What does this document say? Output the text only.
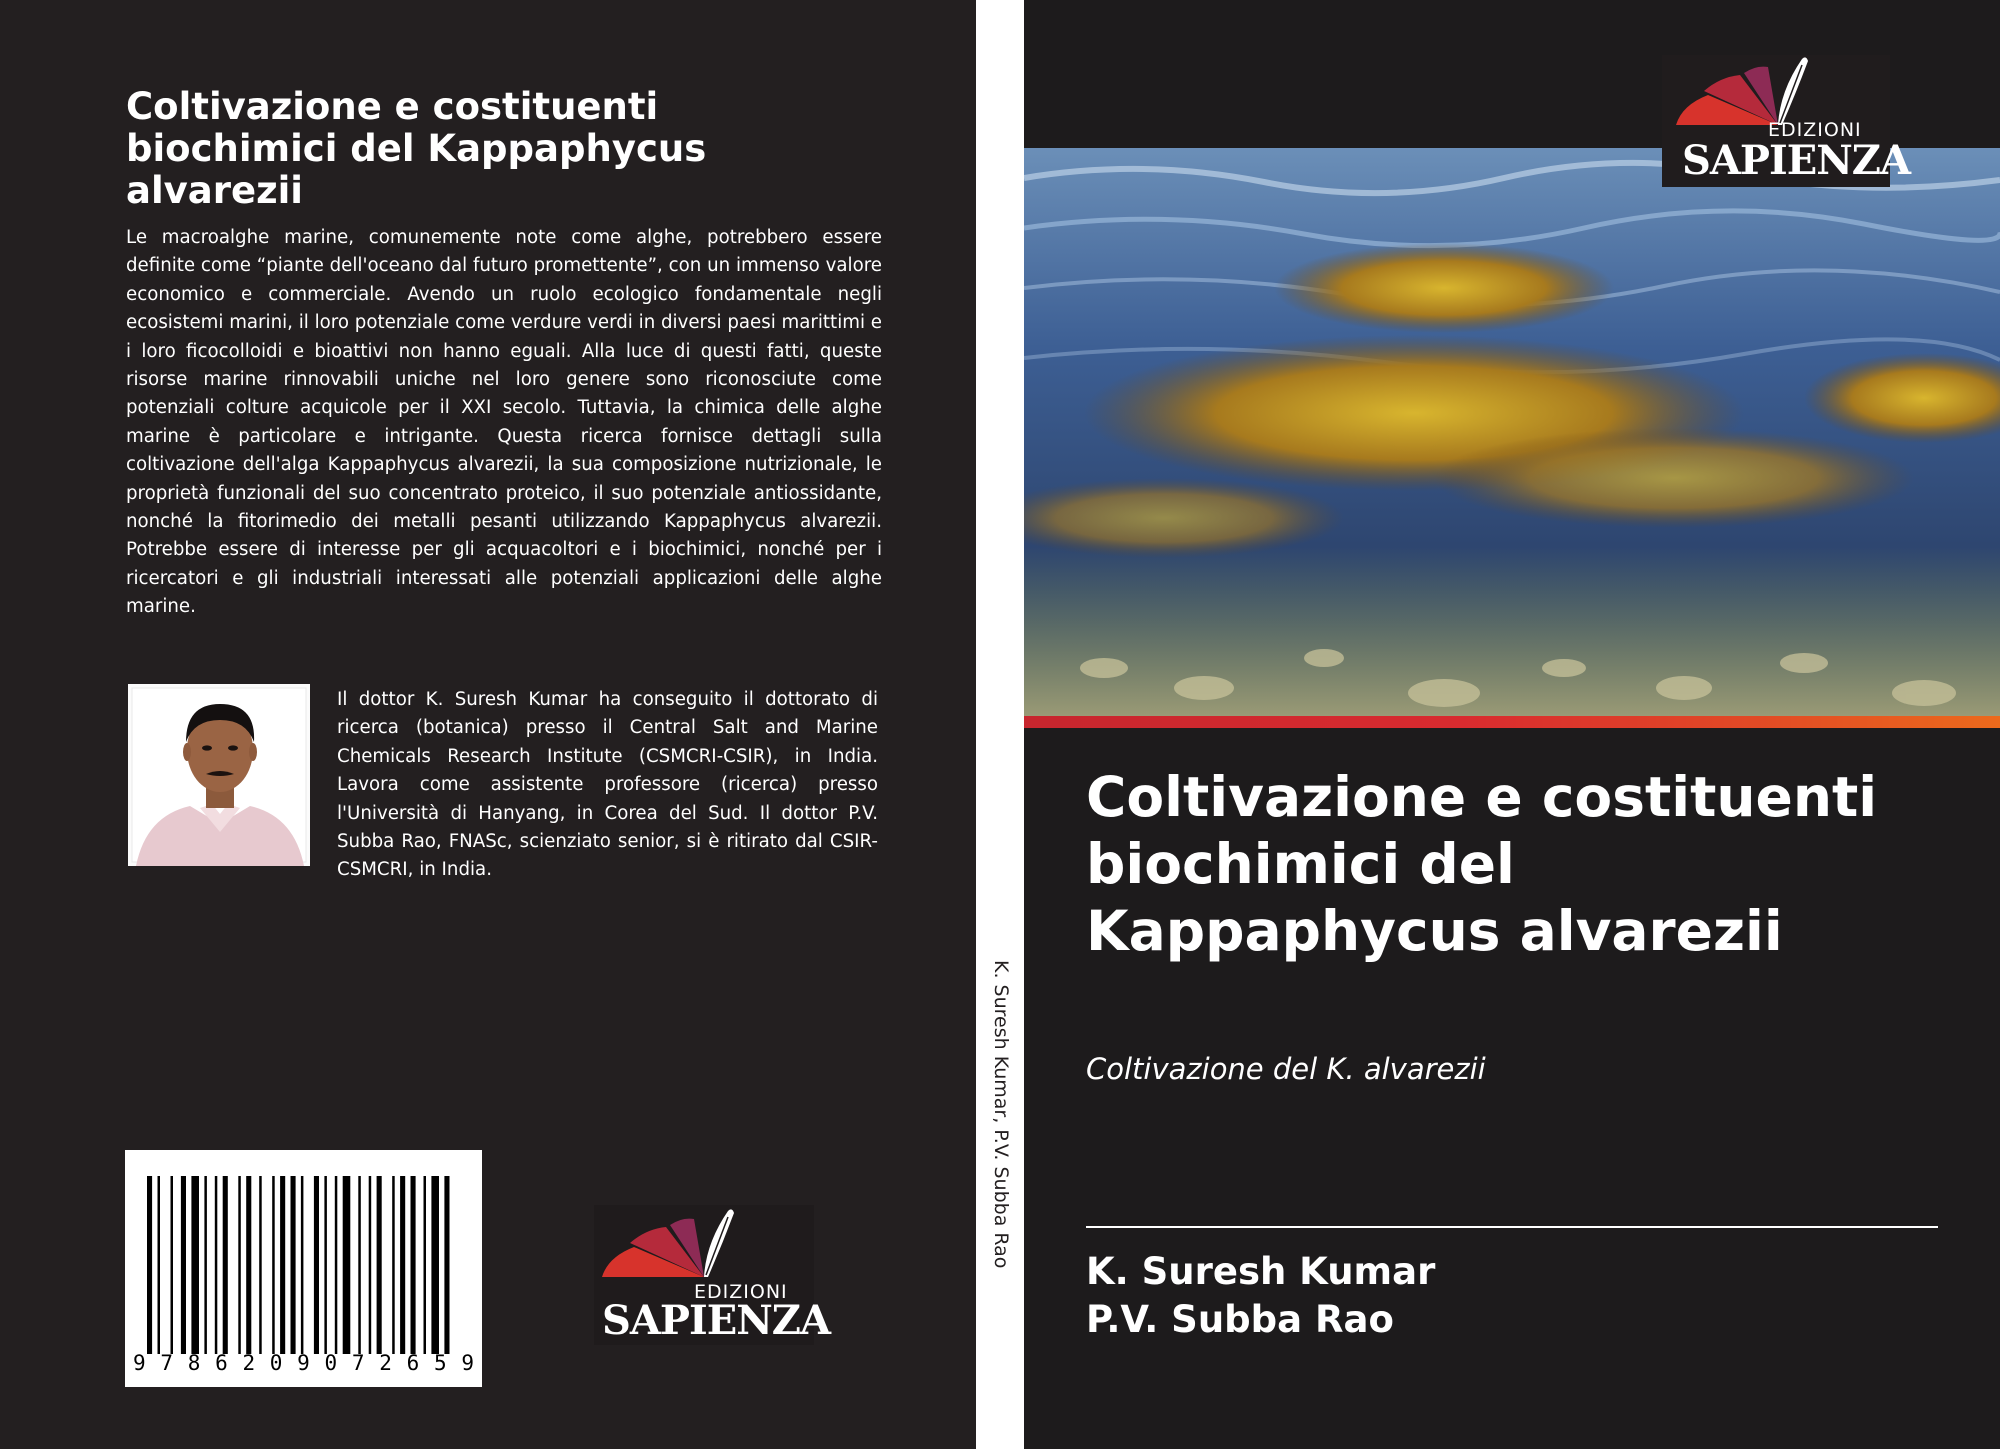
Coltivazione e costituenti biochimici del Kappaphycus alvarezii

Le macroalghe marine, comunemente note come alghe, potrebbero essere definite come “piante dell'oceano dal futuro promettente”, con un immenso valore economico e commerciale. Avendo un ruolo ecologico fondamentale negli ecosistemi marini, il loro potenziale come verdure verdi in diversi paesi marittimi e i loro ficocolloidi e bioattivi non hanno eguali. Alla luce di questi fatti, queste risorse marine rinnovabili uniche nel loro genere sono riconosciute come potenziali colture acquicole per il XXI secolo. Tuttavia, la chimica delle alghe marine è particolare e intrigante. Questa ricerca fornisce dettagli sulla coltivazione dell'alga Kappaphycus alvarezii, la sua composizione nutrizionale, le proprietà funzionali del suo concentrato proteico, il suo potenziale antiossidante, nonché la fitorimedio dei metalli pesanti utilizzando Kappaphycus alvarezii. Potrebbe essere di interesse per gli acquacoltori e i biochimici, nonché per i ricercatori e gli industriali interessati alle potenziali applicazioni delle alghe marine.

Il dottor K. Suresh Kumar ha conseguito il dottorato di ricerca (botanica) presso il Central Salt and Marine Chemicals Research Institute (CSMCRI-CSIR), in India. Lavora come assistente professore (ricerca) presso l'Università di Hanyang, in Corea del Sud. Il dottor P.V. Subba Rao, FNASc, scienziato senior, si è ritirato dal CSIR-CSMCRI, in India.

9 7 8 6 2 0 9 0 7 2 6 5 9
EDIZIONI
SAPIENZA
K. Suresh Kumar, P.V. Subba Rao
EDIZIONI
SAPIENZA
Coltivazione e costituenti biochimici del Kappaphycus alvarezii

Coltivazione del K. alvarezii

K. Suresh Kumar

P.V. Subba Rao
